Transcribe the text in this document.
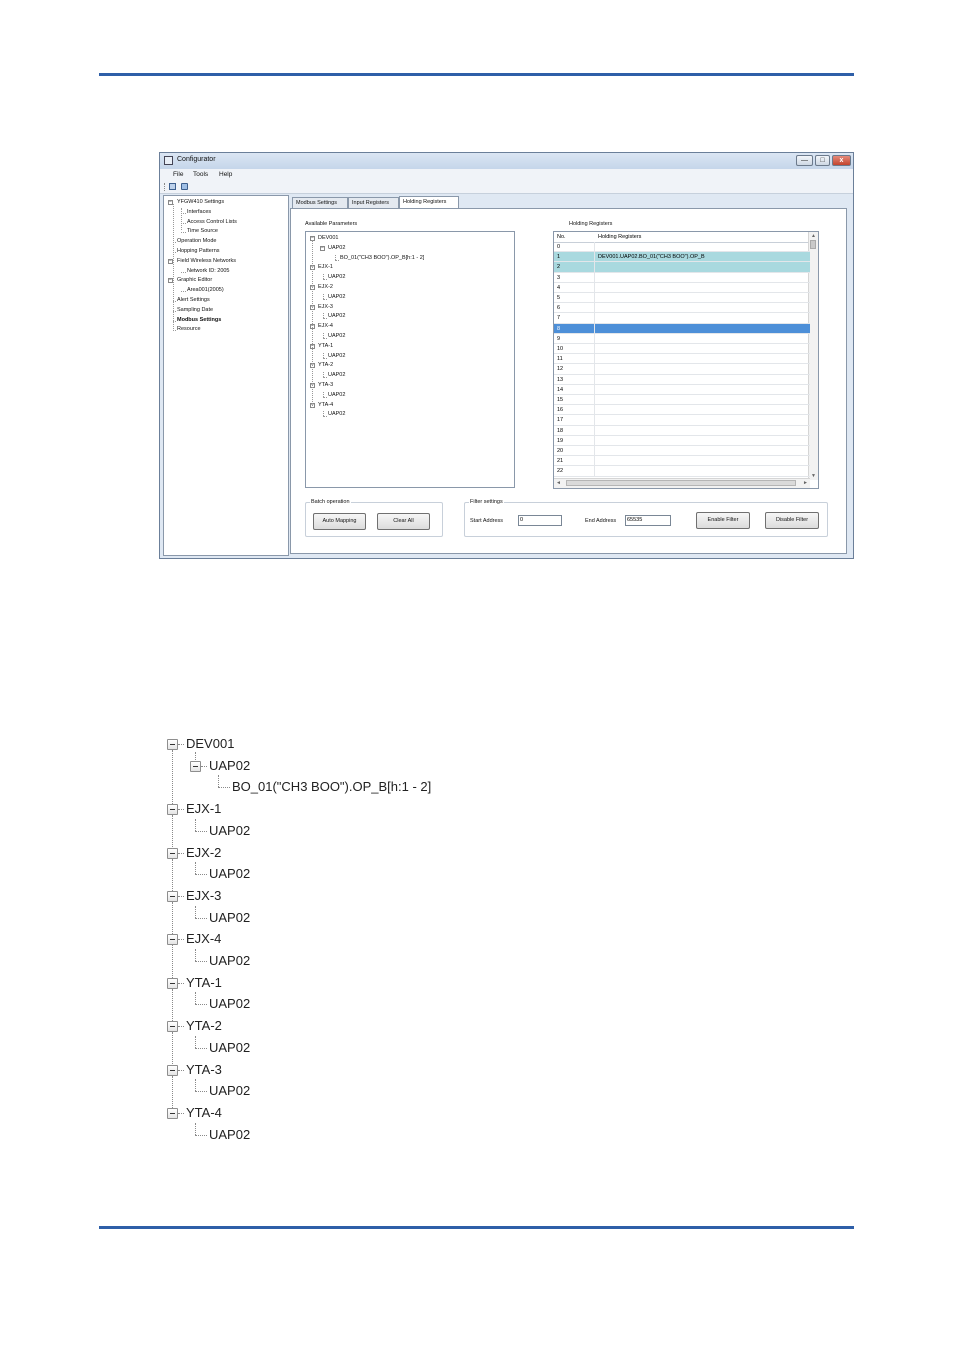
Configurator	—	□	x
File Tools Help
− YFGW410 Settings
Interfaces
Access Control Lists
Time Source
Operation Mode
Hopping Patterns
− Field Wireless Networks
Network ID: 2005
− Graphic Editor
Area001(2005)
Alert Settings
Sampling Date
Modbus Settings
Resource
Modbus Settings	Input Registers	Holding Registers
Available Parameters
− DEV001
− UAP02
BO_01("CH3 BOO").OP_B[h:1 - 2]
− EJX-1
UAP02
− EJX-2
UAP02
− EJX-3
UAP02
− EJX-4
UAP02
− YTA-1
UAP02
− YTA-2
UAP02
− YTA-3
UAP02
− YTA-4
UAP02
Holding Registers
No.	Holding Registers	▲
▼
◄	►
0
1	DEV001.UAP02.BO_01("CH3 BOO").OP_B
2
3
4
5
6
7
8
9
10
11
12
13
14
15
16
17
18
19
20
21
22
Batch operation
Auto Mapping	Clear All
Filter settings
Start Address	0	End Address	65535	Enable Filter	Disable Filter
DEV001
UAP02
BO_01("CH3 BOO").OP_B[h:1 - 2]
EJX-1
UAP02
EJX-2
UAP02
EJX-3
UAP02
EJX-4
UAP02
YTA-1
UAP02
YTA-2
UAP02
YTA-3
UAP02
YTA-4
UAP02
